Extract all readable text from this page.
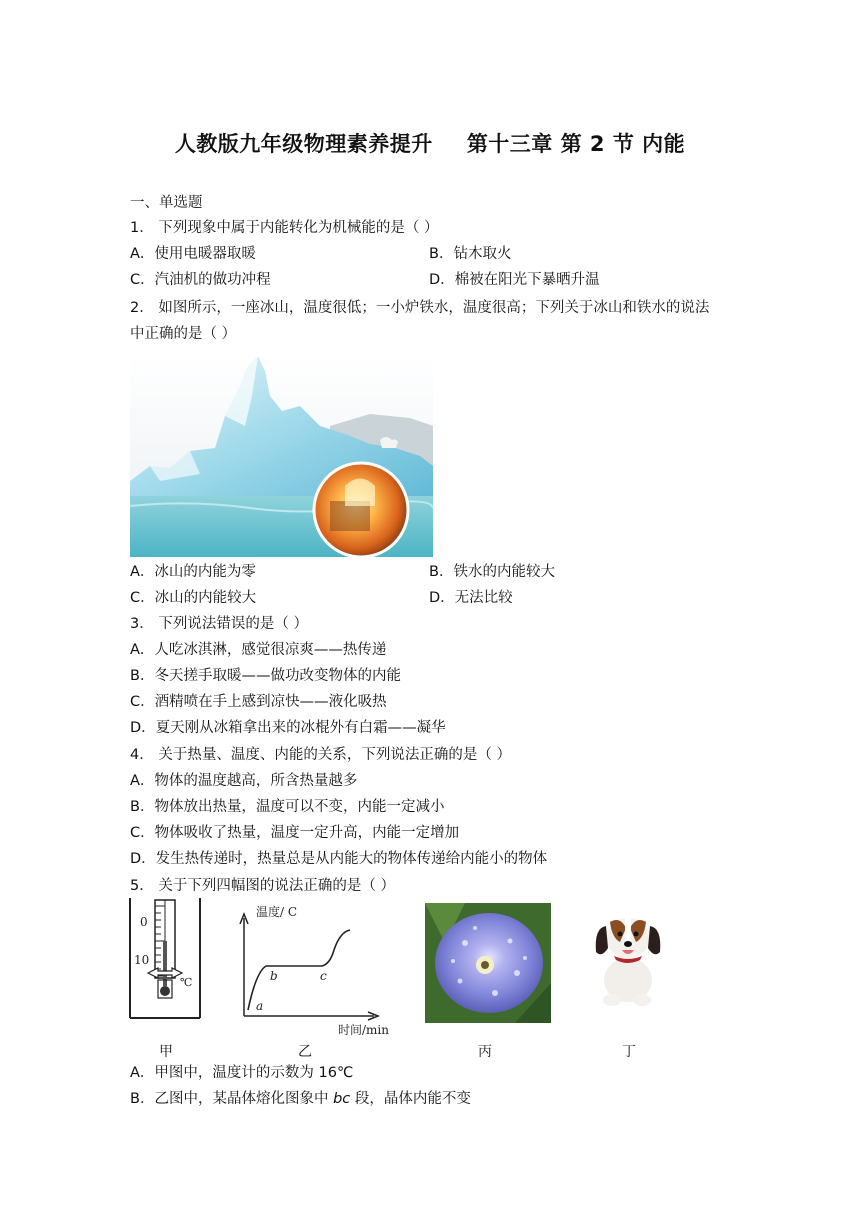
人教版九年级物理素养提升 第十三章 第 2 节 内能
一、单选题
1． 下列现象中属于内能转化为机械能的是（ ）
A．使用电暖器取暖	B．钻木取火
C．汽油机的做功冲程	D．棉被在阳光下暴晒升温
2． 如图所示，一座冰山，温度很低；一小炉铁水，温度很高；下列关于冰山和铁水的说法
中正确的是（ ）
A．冰山的内能为零	B．铁水的内能较大
C．冰山的内能较大	D．无法比较
3． 下列说法错误的是（ ）
A．人吃冰淇淋，感觉很凉爽——热传递
B．冬天搓手取暖——做功改变物体的内能
C．酒精喷在手上感到凉快——液化吸热
D．夏天刚从冰箱拿出来的冰棍外有白霜——凝华
4． 关于热量、温度、内能的关系，下列说法正确的是（ ）
A．物体的温度越高，所含热量越多
B．物体放出热量，温度可以不变，内能一定减小
C．物体吸收了热量，温度一定升高，内能一定增加
D．发生热传递时，热量总是从内能大的物体传递给内能小的物体
5． 关于下列四幅图的说法正确的是（ ）
0
10
℃
甲
温度/ C
时间/min
a
b	c
乙	丙	丁
A．甲图中，温度计的示数为 16℃
B．乙图中，某晶体熔化图象中 bc 段，晶体内能不变
